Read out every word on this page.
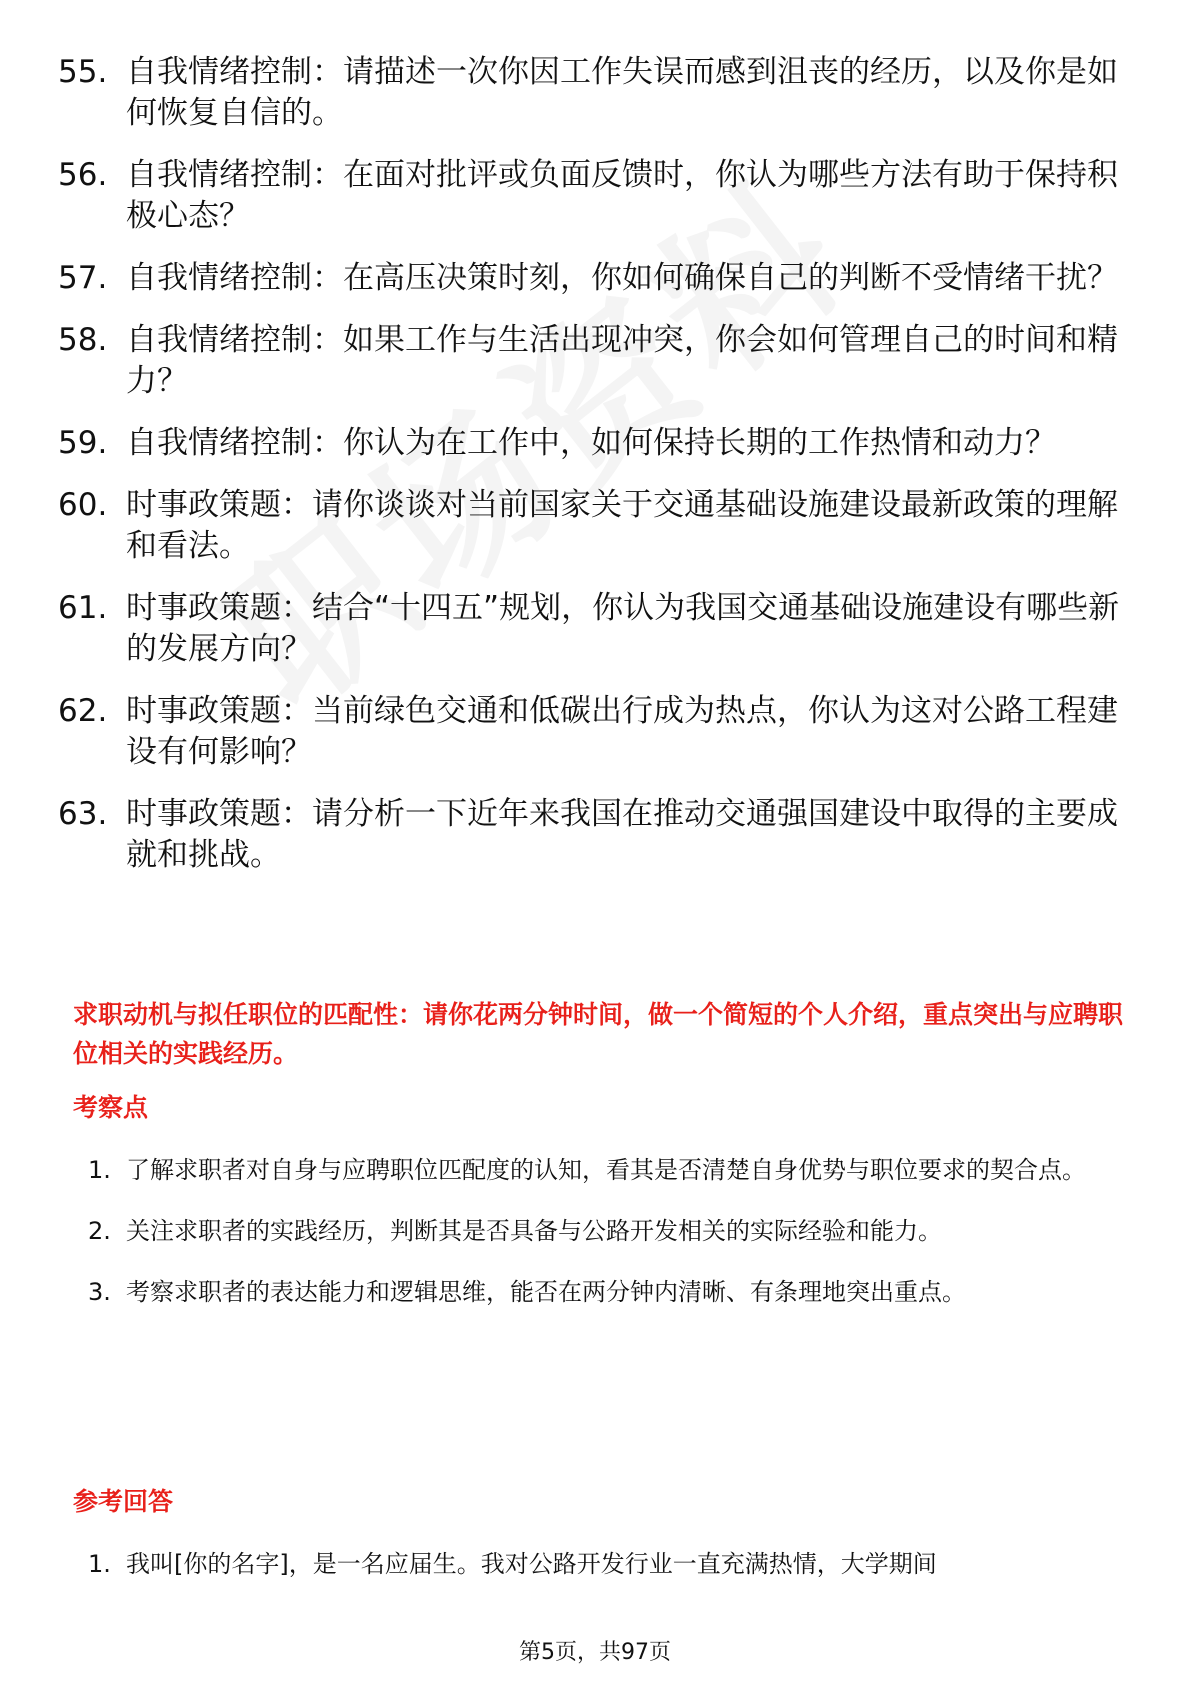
55. 自我情绪控制：请描述一次你因工作失误而感到沮丧的经历，以及你是如何恢复自信的。
56. 自我情绪控制：在面对批评或负面反馈时，你认为哪些方法有助于保持积极心态？
57. 自我情绪控制：在高压决策时刻，你如何确保自己的判断不受情绪干扰？
58. 自我情绪控制：如果工作与生活出现冲突，你会如何管理自己的时间和精力？
59. 自我情绪控制：你认为在工作中，如何保持长期的工作热情和动力？
60. 时事政策题：请你谈谈对当前国家关于交通基础设施建设最新政策的理解和看法。
61. 时事政策题：结合“十四五”规划，你认为我国交通基础设施建设有哪些新的发展方向？
62. 时事政策题：当前绿色交通和低碳出行成为热点，你认为这对公路工程建设有何影响？
63. 时事政策题：请分析一下近年来我国在推动交通强国建设中取得的主要成就和挑战。
求职动机与拟任职位的匹配性：请你花两分钟时间，做一个简短的个人介绍，重点突出与应聘职位相关的实践经历。
考察点
1. 了解求职者对自身与应聘职位匹配度的认知，看其是否清楚自身优势与职位要求的契合点。
2. 关注求职者的实践经历，判断其是否具备与公路开发相关的实际经验和能力。
3. 考察求职者的表达能力和逻辑思维，能否在两分钟内清晰、有条理地突出重点。
参考回答
1. 我叫[你的名字]，是一名应届生。我对公路开发行业一直充满热情，大学期间
第5页，共97页
